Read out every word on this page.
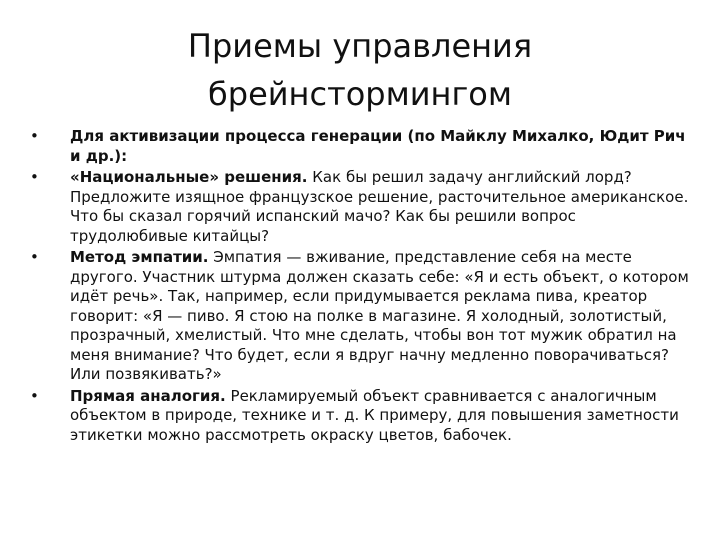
Приемы управления
брейнстормингом
•	Для активизации процесса генерации (по Майклу Михалко, Юдит Рич и др.):
•	«Национальные» решения. Как бы решил задачу английский лорд? Предложите изящное французское решение, расточительное американское. Что бы сказал горячий испанский мачо? Как бы решили вопрос трудолюбивые китайцы?
•	Метод эмпатии. Эмпатия — вживание, представление себя на месте другого. Участник штурма должен сказать себе: «Я и есть объект, о котором идёт речь». Так, например, если придумывается реклама пива, креатор говорит: «Я — пиво. Я стою на полке в магазине. Я холодный, золотистый, прозрачный, хмелистый. Что мне сделать, чтобы вон тот мужик обратил на меня внимание? Что будет, если я вдруг начну медленно поворачиваться? Или позвякивать?»
•	Прямая аналогия. Рекламируемый объект сравнивается с аналогичным объектом в природе, технике и т. д. К примеру, для повышения заметности этикетки можно рассмотреть окраску цветов, бабочек.
